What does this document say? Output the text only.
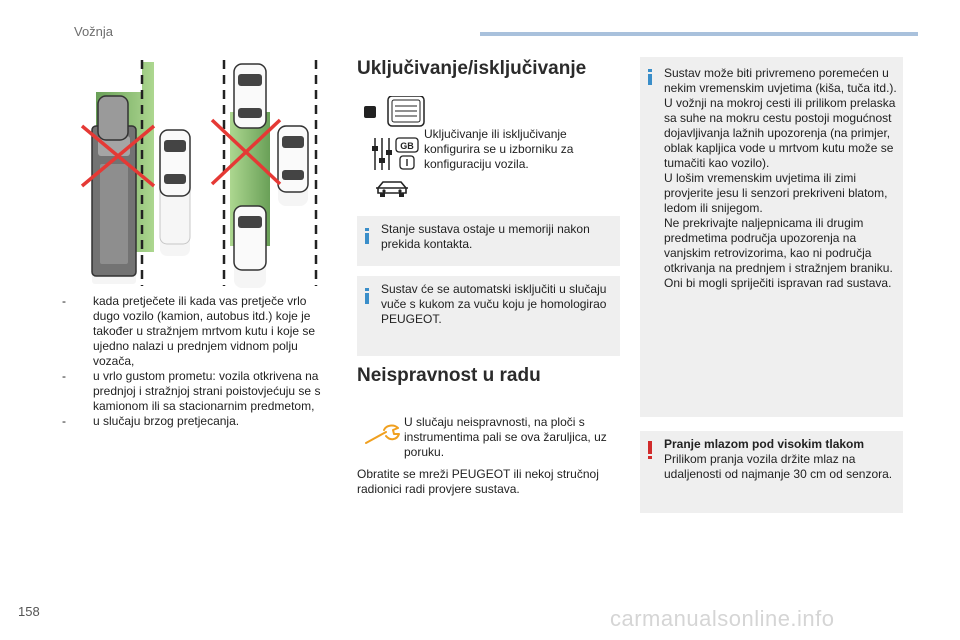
Vožnja
- kada pretječete ili kada vas pretječe vrlo dugo vozilo (kamion, autobus itd.) koje je također u stražnjem mrtvom kutu i koje se ujedno nalazi u prednjem vidnom polju vozača,
- u vrlo gustom prometu: vozila otkrivena na prednjoj i stražnjoj strani poistovjećuju se s kamionom ili sa stacionarnim predmetom,
- u slučaju brzog pretjecanja.
Uključivanje/isključivanje
GB
Uključivanje ili isključivanje konfigurira se u izborniku za konfiguraciju vozila.
Stanje sustava ostaje u memoriji nakon prekida kontakta.
Sustav će se automatski isključiti u slučaju vuče s kukom za vuču koju je homologirao PEUGEOT.
Neispravnost u radu
U slučaju neispravnosti, na ploči s instrumentima pali se ova žaruljica, uz poruku.
Obratite se mreži PEUGEOT ili nekoj stručnoj radionici radi provjere sustava.
Sustav može biti privremeno poremećen u nekim vremenskim uvjetima (kiša, tuča itd.).
U vožnji na mokroj cesti ili prilikom prelaska sa suhe na mokru cestu postoji mogućnost dojavljivanja lažnih upozorenja (na primjer, oblak kapljica vode u mrtvom kutu može se tumačiti kao vozilo).
U lošim vremenskim uvjetima ili zimi provjerite jesu li senzori prekriveni blatom, ledom ili snijegom.
Ne prekrivajte naljepnicama ili drugim predmetima područja upozorenja na vanjskim retrovizorima, kao ni područja otkrivanja na prednjem i stražnjem braniku. Oni bi mogli spriječiti ispravan rad sustava.
Pranje mlazom pod visokim tlakom
Prilikom pranja vozila držite mlaz na udaljenosti od najmanje 30 cm od senzora.
158	carmanualsonline.info
